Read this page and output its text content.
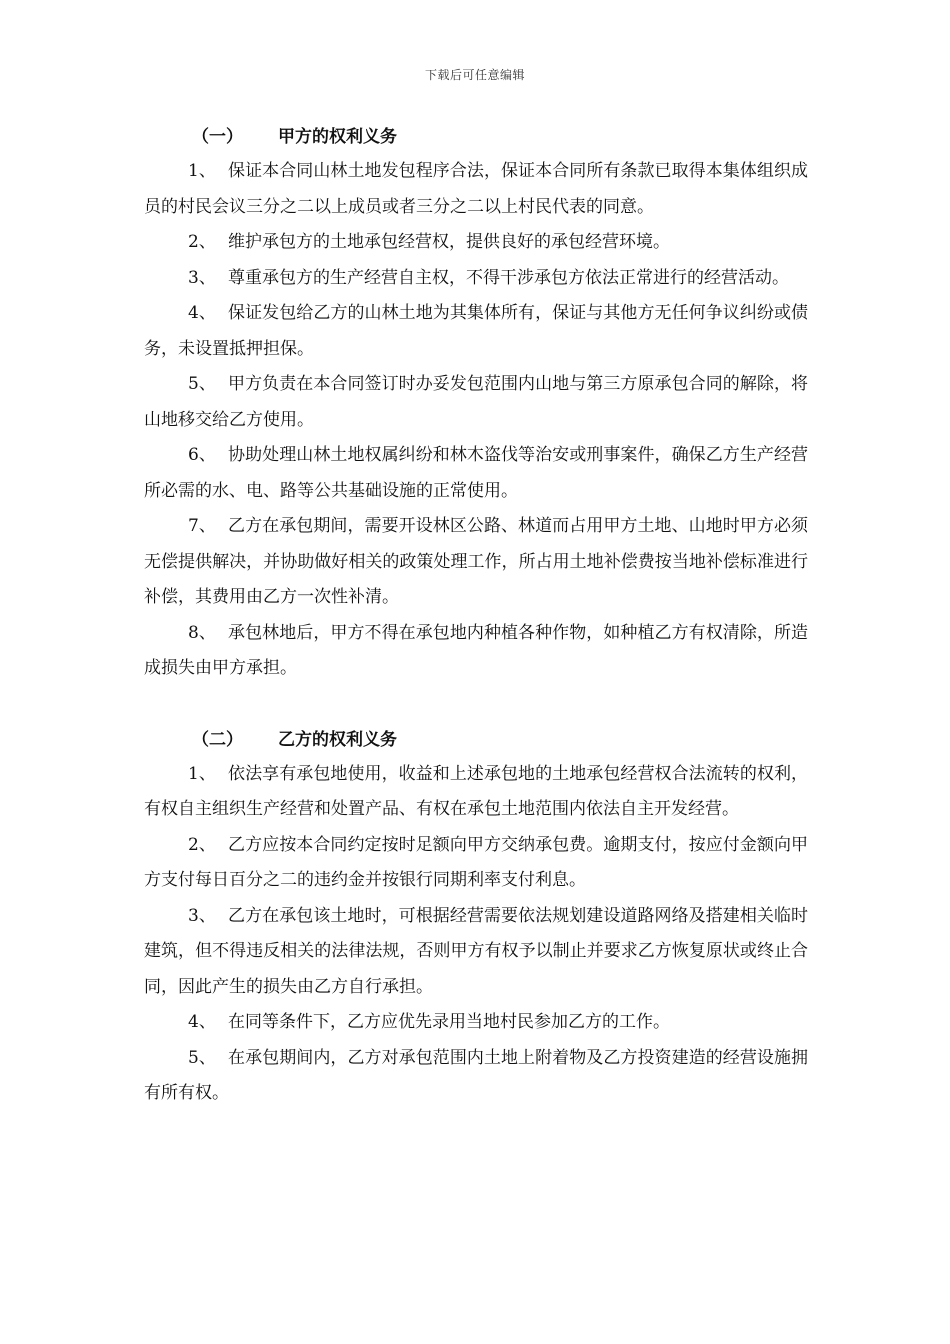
下载后可任意编辑
（一） 甲方的权利义务

1、 保证本合同山林土地发包程序合法，保证本合同所有条款已取得本集体组织成员的村民会议三分之二以上成员或者三分之二以上村民代表的同意。

2、 维护承包方的土地承包经营权，提供良好的承包经营环境。

3、 尊重承包方的生产经营自主权，不得干涉承包方依法正常进行的经营活动。

4、 保证发包给乙方的山林土地为其集体所有，保证与其他方无任何争议纠纷或债务，未设置抵押担保。

5、 甲方负责在本合同签订时办妥发包范围内山地与第三方原承包合同的解除，将山地移交给乙方使用。

6、 协助处理山林土地权属纠纷和林木盗伐等治安或刑事案件，确保乙方生产经营所必需的水、电、路等公共基础设施的正常使用。

7、 乙方在承包期间，需要开设林区公路、林道而占用甲方土地、山地时甲方必须无偿提供解决，并协助做好相关的政策处理工作，所占用土地补偿费按当地补偿标准进行补偿，其费用由乙方一次性补清。

8、 承包林地后，甲方不得在承包地内种植各种作物，如种植乙方有权清除，所造成损失由甲方承担。

（二） 乙方的权利义务

1、 依法享有承包地使用，收益和上述承包地的土地承包经营权合法流转的权利，有权自主组织生产经营和处置产品、有权在承包土地范围内依法自主开发经营。

2、 乙方应按本合同约定按时足额向甲方交纳承包费。逾期支付，按应付金额向甲方支付每日百分之二的违约金并按银行同期利率支付利息。

3、 乙方在承包该土地时，可根据经营需要依法规划建设道路网络及搭建相关临时建筑，但不得违反相关的法律法规，否则甲方有权予以制止并要求乙方恢复原状或终止合同，因此产生的损失由乙方自行承担。

4、 在同等条件下，乙方应优先录用当地村民参加乙方的工作。

5、 在承包期间内，乙方对承包范围内土地上附着物及乙方投资建造的经营设施拥有所有权。
